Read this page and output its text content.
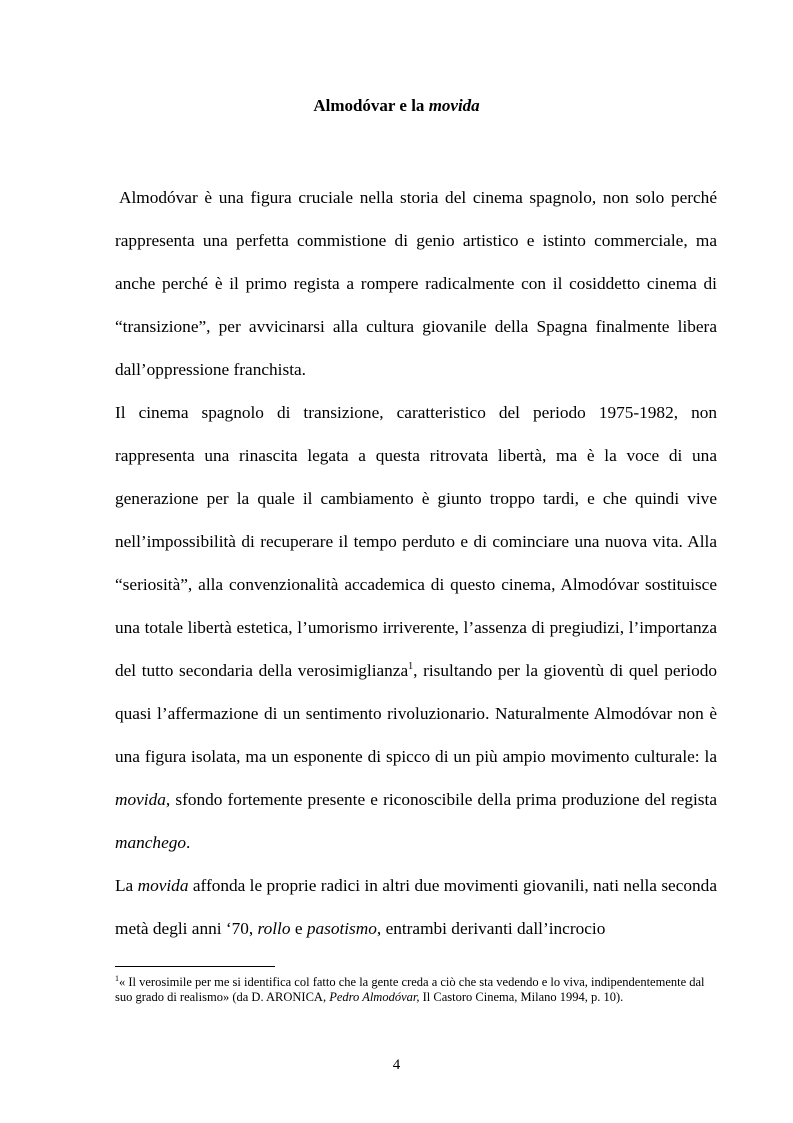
Almodóvar e la movida

Almodóvar è una figura cruciale nella storia del cinema spagnolo, non solo perché rappresenta una perfetta commistione di genio artistico e istinto commerciale, ma anche perché è il primo regista a rompere radicalmente con il cosiddetto cinema di “transizione”, per avvicinarsi alla cultura giovanile della Spagna finalmente libera dall’oppressione franchista.

Il cinema spagnolo di transizione, caratteristico del periodo 1975-1982, non rappresenta una rinascita legata a questa ritrovata libertà, ma è la voce di una generazione per la quale il cambiamento è giunto troppo tardi, e che quindi vive nell’impossibilità di recuperare il tempo perduto e di cominciare una nuova vita. Alla “seriosità”, alla convenzionalità accademica di questo cinema, Almodóvar sostituisce una totale libertà estetica, l’umorismo irriverente, l’assenza di pregiudizi, l’importanza del tutto secondaria della verosimiglianza$^1$, risultando per la gioventù di quel periodo quasi l’affermazione di un sentimento rivoluzionario. Naturalmente Almodóvar non è una figura isolata, ma un esponente di spicco di un più ampio movimento culturale: la movida, sfondo fortemente presente e riconoscibile della prima produzione del regista manchego.

La movida affonda le proprie radici in altri due movimenti giovanili, nati nella seconda metà degli anni ‘70, rollo e pasotismo, entrambi derivanti dall’incrocio

$^1$« Il verosimile per me si identifica col fatto che la gente creda a ciò che sta vedendo e lo viva, indipendentemente dal suo grado di realismo» (da D. ARONICA, Pedro Almodóvar, Il Castoro Cinema, Milano 1994, p. 10).
4
